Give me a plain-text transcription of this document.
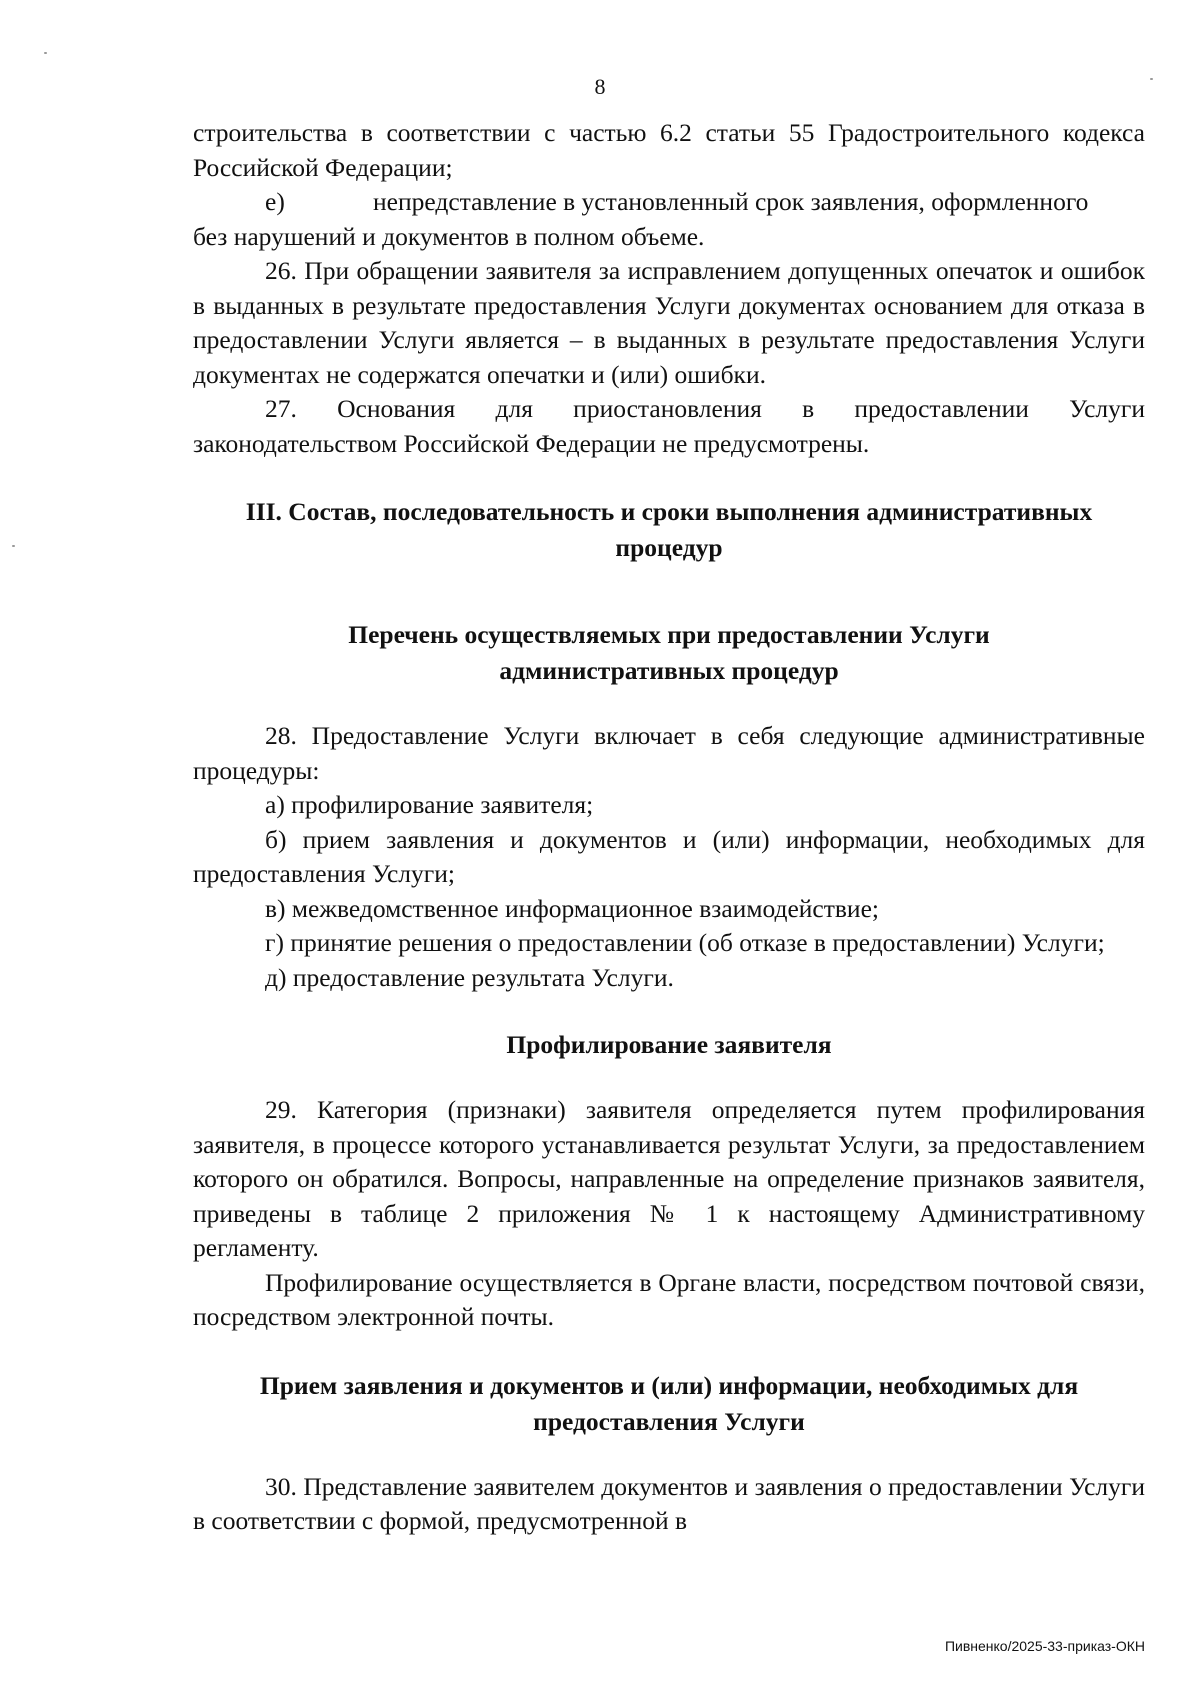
8

строительства в соответствии с частью 6.2 статьи 55 Градостроительного кодекса Российской Федерации;

е)	непредставление в установленный срок заявления, оформленного

без нарушений и документов в полном объеме.

26. При обращении заявителя за исправлением допущенных опечаток и ошибок в выданных в результате предоставления Услуги документах основанием для отказа в предоставлении Услуги является – в выданных в результате предоставления Услуги документах не содержатся опечатки и (или) ошибки.

27. Основания для приостановления в предоставлении Услуги законодательством Российской Федерации не предусмотрены.

III. Состав, последовательность и сроки выполнения административных процедур

Перечень осуществляемых при предоставлении Услуги административных процедур

28. Предоставление Услуги включает в себя следующие административные процедуры:

а) профилирование заявителя;

б) прием заявления и документов и (или) информации, необходимых для предоставления Услуги;

в) межведомственное информационное взаимодействие;

г) принятие решения о предоставлении (об отказе в предоставлении) Услуги;

д) предоставление результата Услуги.

Профилирование заявителя

29. Категория (признаки) заявителя определяется путем профилирования заявителя, в процессе которого устанавливается результат Услуги, за предоставлением которого он обратился. Вопросы, направленные на определение признаков заявителя, приведены в таблице 2 приложения № 1 к настоящему Административному регламенту.

Профилирование осуществляется в Органе власти, посредством почтовой связи, посредством электронной почты.

Прием заявления и документов и (или) информации, необходимых для предоставления Услуги

30. Представление заявителем документов и заявления о предоставлении Услуги в соответствии с формой, предусмотренной в

Пивненко/2025-33-приказ-ОКН
